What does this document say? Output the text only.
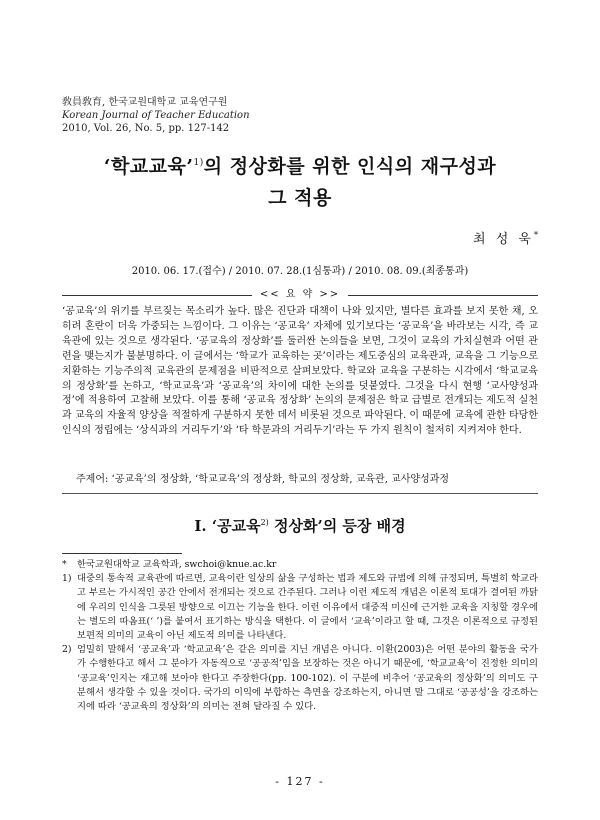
敎員敎育, 한국교원대학교 교육연구원
Korean Journal of Teacher Education
2010, Vol. 26, No. 5, pp. 127-142
‘학교교육’$^{1)}$의 정상화를 위한 인식의 재구성과
그 적용
최 성 욱*
2010. 06. 17.(접수) / 2010. 07. 28.(1심통과) / 2010. 08. 09.(최종통과)
<< 요 약 >>
‘공교육’의 위기를 부르짖는 목소리가 높다. 많은 진단과 대책이 나와 있지만, 별다른 효과를 보지 못한 채, 오히려 혼란이 더욱 가중되는 느낌이다. 그 이유는 ‘공교육’ 자체에 있기보다는 ‘공교육’을 바라보는 시각, 즉 교육관에 있는 것으로 생각된다. ‘공교육의 정상화’를 둘러싼 논의들을 보면, 그것이 교육의 가치실현과 어떤 관련을 맺는지가 불분명하다. 이 글에서는 ‘학교가 교육하는 곳’이라는 제도중심의 교육관과, 교육을 그 기능으로 치환하는 기능주의적 교육관의 문제점을 비판적으로 살펴보았다. 학교와 교육을 구분하는 시각에서 ‘학교교육의 정상화’를 논하고, ‘학교교육’과 ‘공교육’의 차이에 대한 논의를 덧붙였다. 그것을 다시 현행 ‘교사양성과정’에 적용하여 고찰해 보았다. 이를 통해 ‘공교육 정상화’ 논의의 문제점은 학교 급별로 전개되는 제도적 실천과 교육의 자율적 양상을 적절하게 구분하지 못한 데서 비롯된 것으로 파악된다. 이 때문에 교육에 관한 타당한 인식의 정립에는 ‘상식과의 거리두기’와 ‘타 학문과의 거리두기’라는 두 가지 원칙이 철저히 지켜져야 한다.
주제어: ‘공교육’의 정상화, ‘학교교육’의 정상화, 학교의 정상화, 교육관, 교사양성과정
I. ‘공교육$^{2)}$ 정상화’의 등장 배경
*	한국교원대학교 교육학과, swchoi@knue.ac.kr
1) 대중의 통속적 교육관에 따르면, 교육이란 일상의 삶을 구성하는 법과 제도와 규범에 의해 규정되며, 특별히 학교라고 부르는 가시적인 공간 안에서 전개되는 것으로 간주된다. 그러나 이런 제도적 개념은 이론적 토대가 결여된 까닭에 우리의 인식을 그릇된 방향으로 이끄는 기능을 한다. 이런 이유에서 대중적 미신에 근거한 교육을 지칭할 경우에는 별도의 따옴표(‘ ’)를 붙여서 표기하는 방식을 택한다. 이 글에서 ‘교육’이라고 할 때, 그것은 이론적으로 규정된 보편적 의미의 교육이 아닌 제도적 의미를 나타낸다.
2) 엄밀히 말해서 ‘공교육’과 ‘학교교육’은 같은 의미를 지닌 개념은 아니다. 이환(2003)은 어떤 분야의 활동을 국가가 수행한다고 해서 그 분야가 자동적으로 ‘공공적’임을 보장하는 것은 아니기 때문에, ‘학교교육’이 진정한 의미의 ‘공교육’인지는 재고해 보아야 한다고 주장한다(pp. 100-102). 이 구분에 비추어 ‘공교육의 정상화’의 의미도 구분해서 생각할 수 있을 것이다. 국가의 이익에 부합하는 측면을 강조하는지, 아니면 말 그대로 ‘공공성’을 강조하는지에 따라 ‘공교육의 정상화’의 의미는 전혀 달라질 수 있다.
- 127 -
